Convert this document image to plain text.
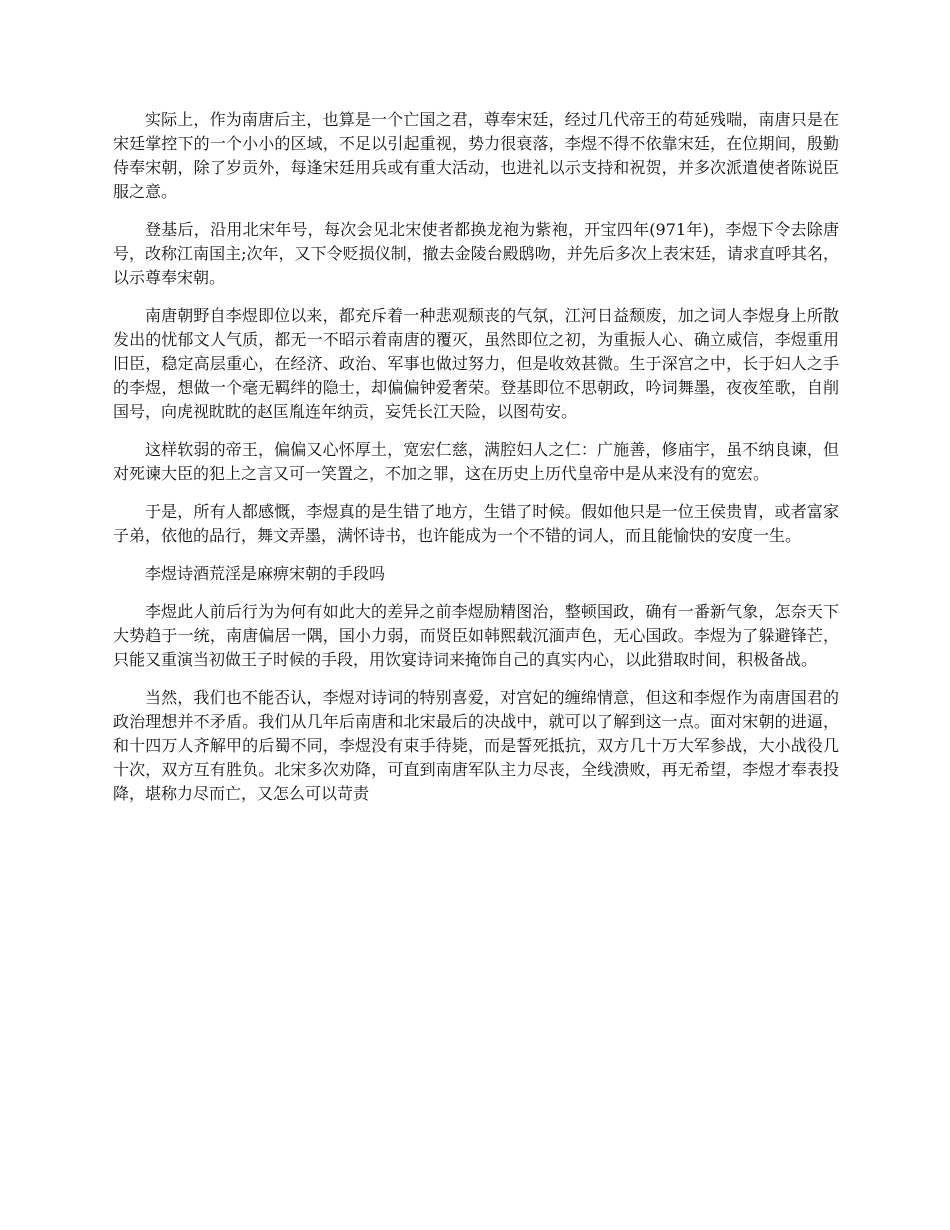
实际上，作为南唐后主，也算是一个亡国之君，尊奉宋廷，经过几代帝王的苟延残喘，南唐只是在宋廷掌控下的一个小小的区域，不足以引起重视，势力很衰落，李煜不得不依靠宋廷，在位期间，殷勤侍奉宋朝，除了岁贡外，每逢宋廷用兵或有重大活动，也进礼以示支持和祝贺，并多次派遣使者陈说臣服之意。

登基后，沿用北宋年号，每次会见北宋使者都换龙袍为紫袍，开宝四年(971年)，李煜下令去除唐号，改称江南国主;次年，又下令贬损仪制，撤去金陵台殿鸱吻，并先后多次上表宋廷，请求直呼其名，以示尊奉宋朝。

南唐朝野自李煜即位以来，都充斥着一种悲观颓丧的气氛，江河日益颓废，加之词人李煜身上所散发出的忧郁文人气质，都无一不昭示着南唐的覆灭，虽然即位之初，为重振人心、确立威信，李煜重用旧臣，稳定高层重心，在经济、政治、军事也做过努力，但是收效甚微。生于深宫之中，长于妇人之手的李煜，想做一个毫无羁绊的隐士，却偏偏钟爱奢荣。登基即位不思朝政，吟词舞墨，夜夜笙歌，自削国号，向虎视眈眈的赵匡胤连年纳贡，妄凭长江天险，以图苟安。

这样软弱的帝王，偏偏又心怀厚土，宽宏仁慈，满腔妇人之仁：广施善，修庙宇，虽不纳良谏，但对死谏大臣的犯上之言又可一笑置之，不加之罪，这在历史上历代皇帝中是从来没有的宽宏。

于是，所有人都感慨，李煜真的是生错了地方，生错了时候。假如他只是一位王侯贵胄，或者富家子弟，依他的品行，舞文弄墨，满怀诗书，也许能成为一个不错的词人，而且能愉快的安度一生。

李煜诗酒荒淫是麻痹宋朝的手段吗

李煜此人前后行为为何有如此大的差异之前李煜励精图治，整顿国政，确有一番新气象，怎奈天下大势趋于一统，南唐偏居一隅，国小力弱，而贤臣如韩熙载沉湎声色，无心国政。李煜为了躲避锋芒，只能又重演当初做王子时候的手段，用饮宴诗词来掩饰自己的真实内心，以此猎取时间，积极备战。

当然，我们也不能否认，李煜对诗词的特别喜爱，对宫妃的缠绵情意，但这和李煜作为南唐国君的政治理想并不矛盾。我们从几年后南唐和北宋最后的决战中，就可以了解到这一点。面对宋朝的进逼，和十四万人齐解甲的后蜀不同，李煜没有束手待毙，而是誓死抵抗，双方几十万大军参战，大小战役几十次，双方互有胜负。北宋多次劝降，可直到南唐军队主力尽丧，全线溃败，再无希望，李煜才奉表投降，堪称力尽而亡，又怎么可以苛责
